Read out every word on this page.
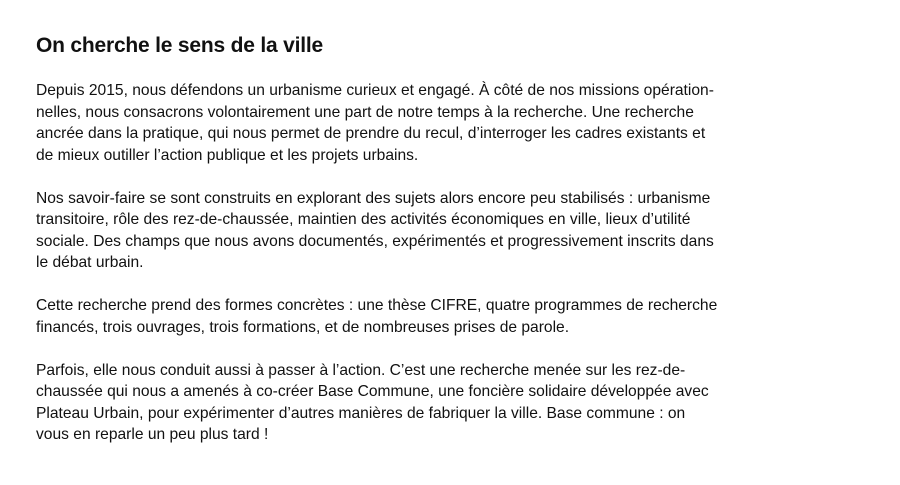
On cherche le sens de la ville

Depuis 2015, nous défendons un urbanisme curieux et engagé. À côté de nos missions opération-
nelles, nous consacrons volontairement une part de notre temps à la recherche. Une recherche
ancrée dans la pratique, qui nous permet de prendre du recul, d’interroger les cadres existants et
de mieux outiller l’action publique et les projets urbains.

Nos savoir-faire se sont construits en explorant des sujets alors encore peu stabilisés : urbanisme
transitoire, rôle des rez-de-chaussée, maintien des activités économiques en ville, lieux d’utilité
sociale. Des champs que nous avons documentés, expérimentés et progressivement inscrits dans
le débat urbain.

Cette recherche prend des formes concrètes : une thèse CIFRE, quatre programmes de recherche
financés, trois ouvrages, trois formations, et de nombreuses prises de parole.

Parfois, elle nous conduit aussi à passer à l’action. C’est une recherche menée sur les rez-de-
chaussée qui nous a amenés à co-créer Base Commune, une foncière solidaire développée avec
Plateau Urbain, pour expérimenter d’autres manières de fabriquer la ville. Base commune : on
vous en reparle un peu plus tard !
